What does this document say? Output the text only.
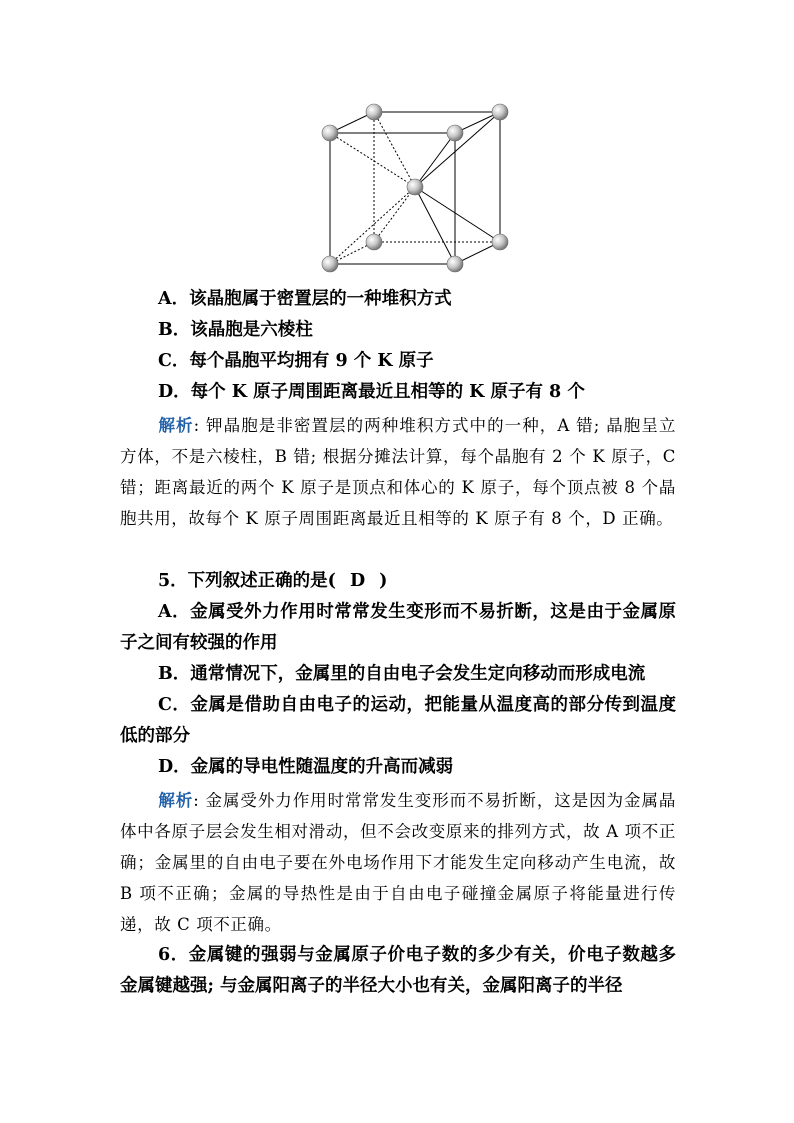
A．该晶胞属于密置层的一种堆积方式

B．该晶胞是六棱柱

C．每个晶胞平均拥有 9 个 K 原子

D．每个 K 原子周围距离最近且相等的 K 原子有 8 个

解析: 钾晶胞是非密置层的两种堆积方式中的一种，A 错; 晶胞呈立方体，不是六棱柱，B 错; 根据分摊法计算，每个晶胞有 2 个 K 原子，C 错；距离最近的两个 K 原子是顶点和体心的 K 原子，每个顶点被 8 个晶胞共用，故每个 K 原子周围距离最近且相等的 K 原子有 8 个，D 正确。

5．下列叙述正确的是( D )

A．金属受外力作用时常常发生变形而不易折断，这是由于金属原子之间有较强的作用

B．通常情况下，金属里的自由电子会发生定向移动而形成电流

C．金属是借助自由电子的运动，把能量从温度高的部分传到温度低的部分

D．金属的导电性随温度的升高而减弱

解析: 金属受外力作用时常常发生变形而不易折断，这是因为金属晶体中各原子层会发生相对滑动，但不会改变原来的排列方式，故 A 项不正确；金属里的自由电子要在外电场作用下才能发生定向移动产生电流，故 B 项不正确；金属的导热性是由于自由电子碰撞金属原子将能量进行传递，故 C 项不正确。

6．金属键的强弱与金属原子价电子数的多少有关，价电子数越多金属键越强; 与金属阳离子的半径大小也有关，金属阳离子的半径
